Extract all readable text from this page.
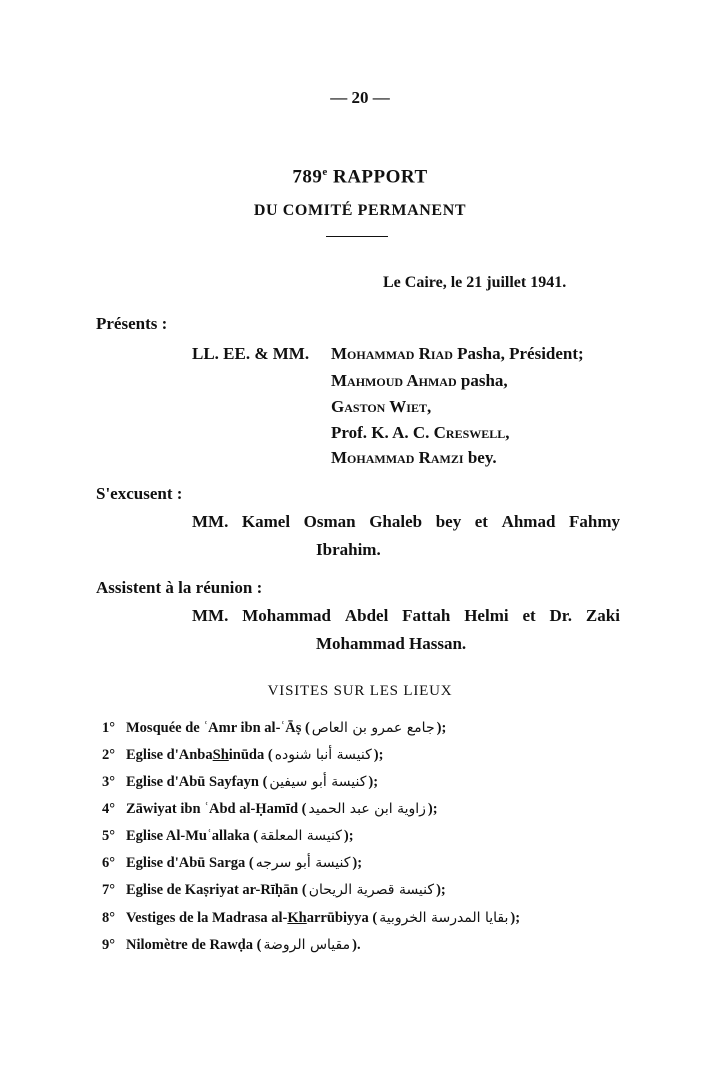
— 20 —
789e RAPPORT
DU COMITÉ PERMANENT
Le Caire, le 21 juillet 1941.
Présents :
LL. EE. & MM. Mohammad Riad Pasha, Président;
Mahmoud Ahmad pasha,
Gaston Wiet,
Prof. K. A. C. Creswell,
Mohammad Ramzi bey.
S'excusent :
MM. Kamel Osman Ghaleb bey et Ahmad Fahmy
Ibrahim.
Assistent à la réunion :
MM. Mohammad Abdel Fattah Helmi et Dr. Zaki
Mohammad Hassan.
VISITES SUR LES LIEUX
1° Mosquée de ʿAmr ibn al-ʿĀṣ ( جامع عمرو بن العاص );
2° Eglise d'Anba Sh inūda ( كنيسة أنبا شنوده );
3° Eglise d'Abū Sayfayn ( كنيسة أبو سيفين );
4° Zāwiyat ibn ʿAbd al-Ḥamīd ( زاوية ابن عبد الحميد );
5° Eglise Al-Muʿallaka ( كنيسة المعلقة );
6° Eglise d'Abū Sarga ( كنيسة أبو سرجه );
7° Eglise de Kaṣriyat ar-Rīḥān ( كنيسة قصرية الريحان );
8° Vestiges de la Madrasa al- Kh arrūbiyya ( بقايا المدرسة الخروبية );
9° Nilomètre de Rawḍa ( مقياس الروضة ).
